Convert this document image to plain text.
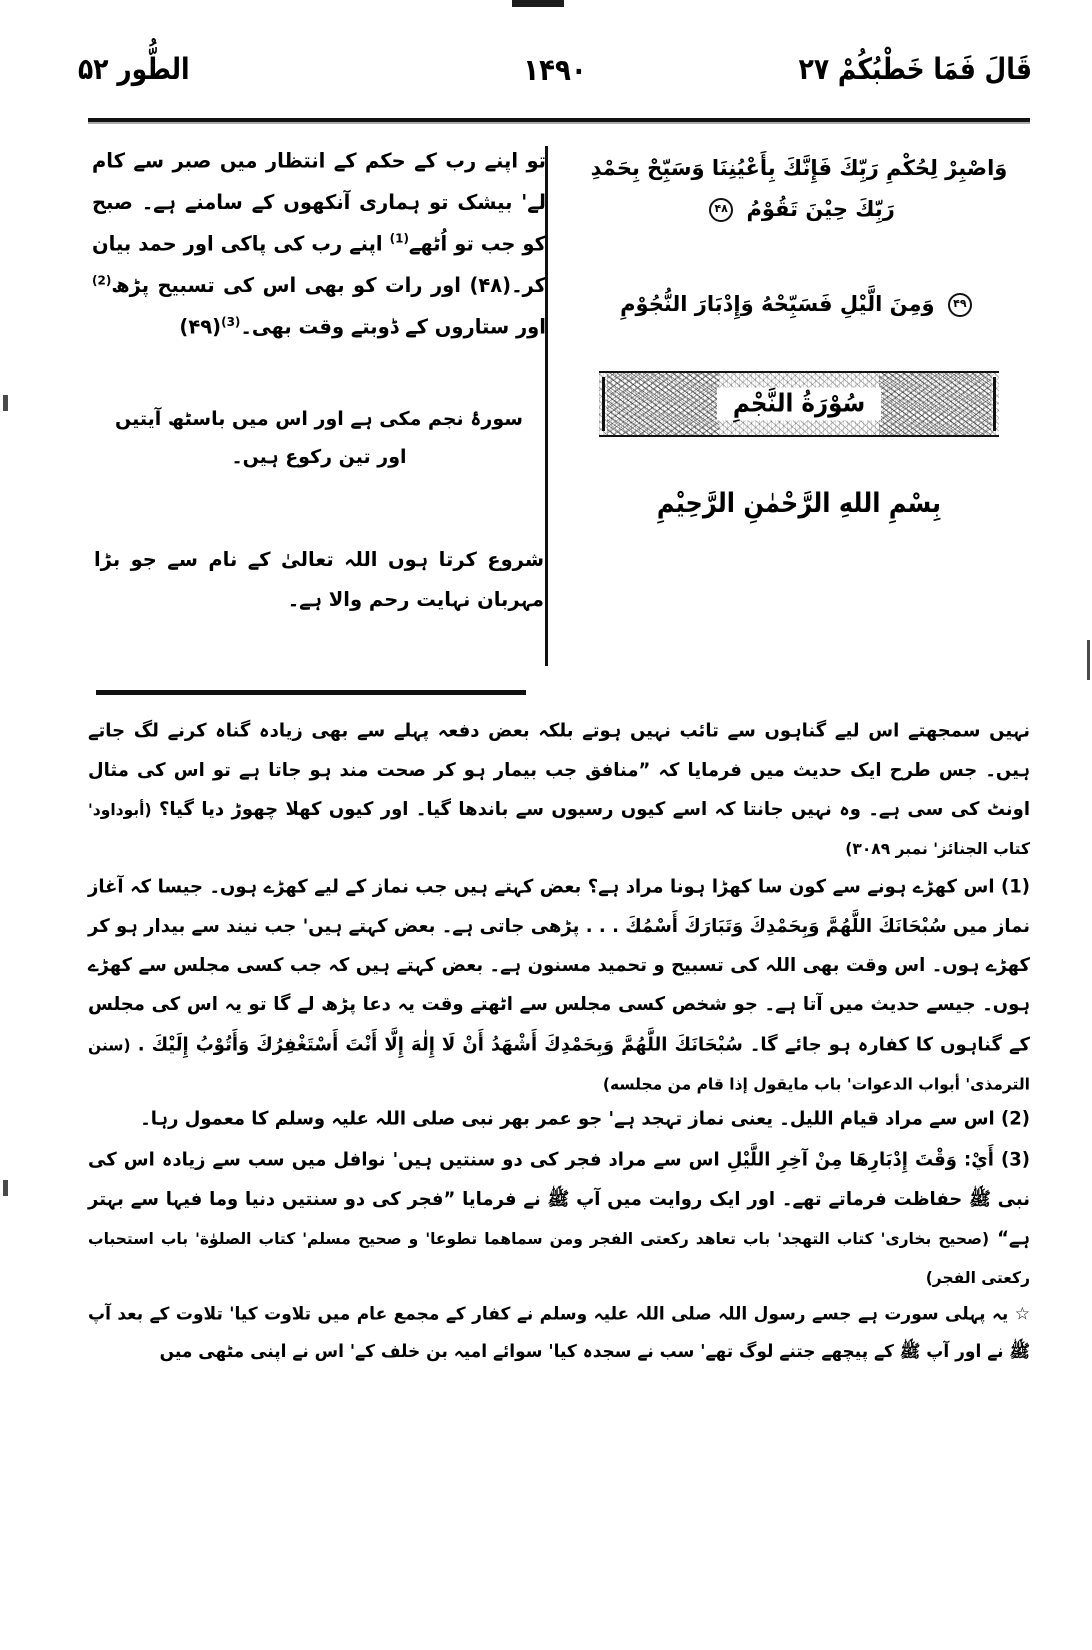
قَالَ فَمَا خَطْبُكُمْ ۲۷
۱۴۹۰
الطُّور ۵۲
وَاصْبِرْ لِحُكْمِ رَبِّكَ فَإِنَّكَ بِأَعْيُنِنَا وَسَبِّحْ بِحَمْدِ
رَبِّكَ حِيْنَ تَقُوْمُ ۴۸
۴۹ وَمِنَ الَّيْلِ فَسَبِّحْهُ وَإِدْبَارَ النُّجُوْمِ
سُوْرَةُ النَّجْمِ
بِسْمِ اللهِ الرَّحْمٰنِ الرَّحِيْمِ
تو اپنے رب کے حکم کے انتظار میں صبر سے کام لے' بیشک تو ہماری آنکھوں کے سامنے ہے۔ صبح کو جب تو اُٹھے$^{(1)}$ اپنے رب کی پاکی اور حمد بیان کر۔(۴۸) اور رات کو بھی اس کی تسبیح پڑھ$^{(2)}$ اور ستاروں کے ڈوبتے وقت بھی۔$^{(3)}$(۴۹)
سورۂ نجم مکی ہے اور اس میں باسٹھ آیتیں اور تین رکوع ہیں۔
شروع کرتا ہوں اللہ تعالیٰ کے نام سے جو بڑا مہربان نہایت رحم والا ہے۔

نہیں سمجھتے اس لیے گناہوں سے تائب نہیں ہوتے بلکہ بعض دفعہ پہلے سے بھی زیادہ گناہ کرنے لگ جاتے ہیں۔ جس طرح ایک حدیث میں فرمایا کہ ”منافق جب بیمار ہو کر صحت مند ہو جاتا ہے تو اس کی مثال اونٹ کی سی ہے۔ وہ نہیں جانتا کہ اسے کیوں رسیوں سے باندھا گیا۔ اور کیوں کھلا چھوڑ دیا گیا؟ (أبوداود' كتاب الجنائز' نمبر ۳۰۸۹)

(1) اس کھڑے ہونے سے کون سا کھڑا ہونا مراد ہے؟ بعض کہتے ہیں جب نماز کے لیے کھڑے ہوں۔ جیسا کہ آغاز نماز میں سُبْحَانَكَ اللَّهُمَّ وَبِحَمْدِكَ وَتَبَارَكَ أَسْمُكَ . . . پڑھی جاتی ہے۔ بعض کہتے ہیں' جب نیند سے بیدار ہو کر کھڑے ہوں۔ اس وقت بھی اللہ کی تسبیح و تحمید مسنون ہے۔ بعض کہتے ہیں کہ جب کسی مجلس سے کھڑے ہوں۔ جیسے حدیث میں آتا ہے۔ جو شخص کسی مجلس سے اٹھتے وقت یہ دعا پڑھ لے گا تو یہ اس کی مجلس کے گناہوں کا کفارہ ہو جائے گا۔ سُبْحَانَكَ اللَّهُمَّ وَبِحَمْدِكَ أَشْهَدُ أَنْ لَا إِلٰهَ إِلَّا أَنْتَ أَسْتَغْفِرُكَ وَأَتُوْبُ إِلَيْكَ . (سنن الترمذى' أبواب الدعوات' باب مايقول إذا قام من مجلسه)

(2) اس سے مراد قیام اللیل۔ یعنی نماز تہجد ہے' جو عمر بھر نبی صلی اللہ علیہ وسلم کا معمول رہا۔

(3) أَيْ: وَقْتَ إِدْبَارِهَا مِنْ آخِرِ اللَّيْلِ اس سے مراد فجر کی دو سنتیں ہیں' نوافل میں سب سے زیادہ اس کی نبی ﷺ حفاظت فرماتے تھے۔ اور ایک روایت میں آپ ﷺ نے فرمایا ”فجر کی دو سنتیں دنیا وما فیہا سے بہتر ہے“ (صحیح بخاری' كتاب التهجد' باب تعاهد ركعتى الفجر ومن سماهما تطوعا' و صحیح مسلم' كتاب الصلوٰة' باب استحباب ركعتى الفجر)

☆ یہ پہلی سورت ہے جسے رسول اللہ صلی اللہ علیہ وسلم نے کفار کے مجمع عام میں تلاوت کیا' تلاوت کے بعد آپ ﷺ نے اور آپ ﷺ کے پیچھے جتنے لوگ تھے' سب نے سجدہ کیا' سوائے امیہ بن خلف کے' اس نے اپنی مٹھی میں
